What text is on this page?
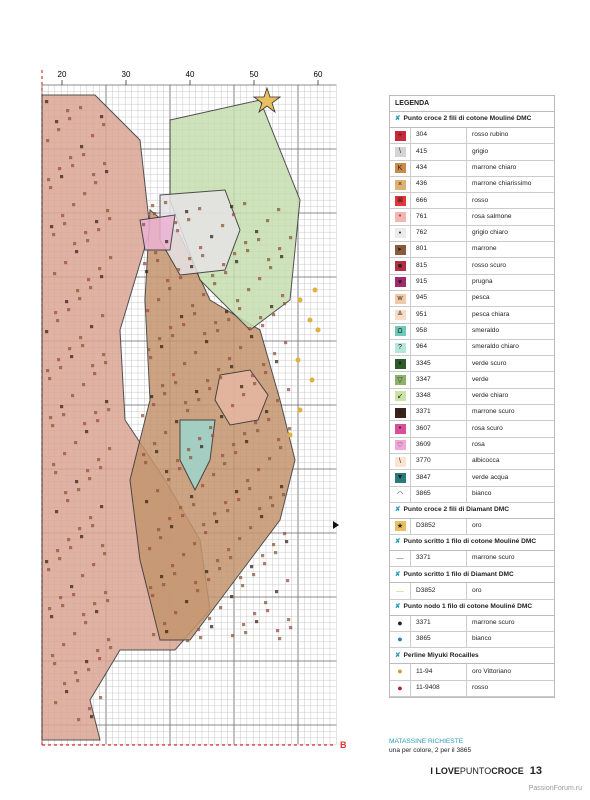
20	30	40	50	60
B
LEGENDA
✘ Punto croce 2 fili di cotone Mouliné DMC
+	304	rosso rubino
\	415	grigio
K	434	marrone chiaro
×	436	marrone chiarissimo
⊠	666	rosso
*	761	rosa salmone
•	762	grigio chiaro
▸	801	marrone
■	815	rosso scuro
♥	915	prugna
w	945	pesca
≗	951	pesca chiara
Ω	958	smeraldo
?	964	smeraldo chiaro
♦	3345	verde scuro
▽	3347	verde
↙	3348	verde chiaro
■	3371	marrone scuro
•	3607	rosa scuro
♡	3609	rosa
\	3770	albicocca
▼	3847	verde acqua
◠	3865	bianco
✘ Punto croce 2 fili di Diamant DMC
★	D3852	oro
✘ Punto scritto 1 filo di cotone Mouliné DMC
—	3371	marrone scuro
✘ Punto scritto 1 filo di Diamant DMC
—	D3852	oro
✘ Punto nodo 1 filo di cotone Mouliné DMC
●	3371	marrone scuro
●	3865	bianco
✘ Perline Miyuki Rocailles
●	11-94	oro Vittoriano
●	11-9408	rosso
MATASSINE RICHIESTE
una per colore, 2 per il 3865
I LOVEPUNTOCROCE 13
PassionForum.ru
